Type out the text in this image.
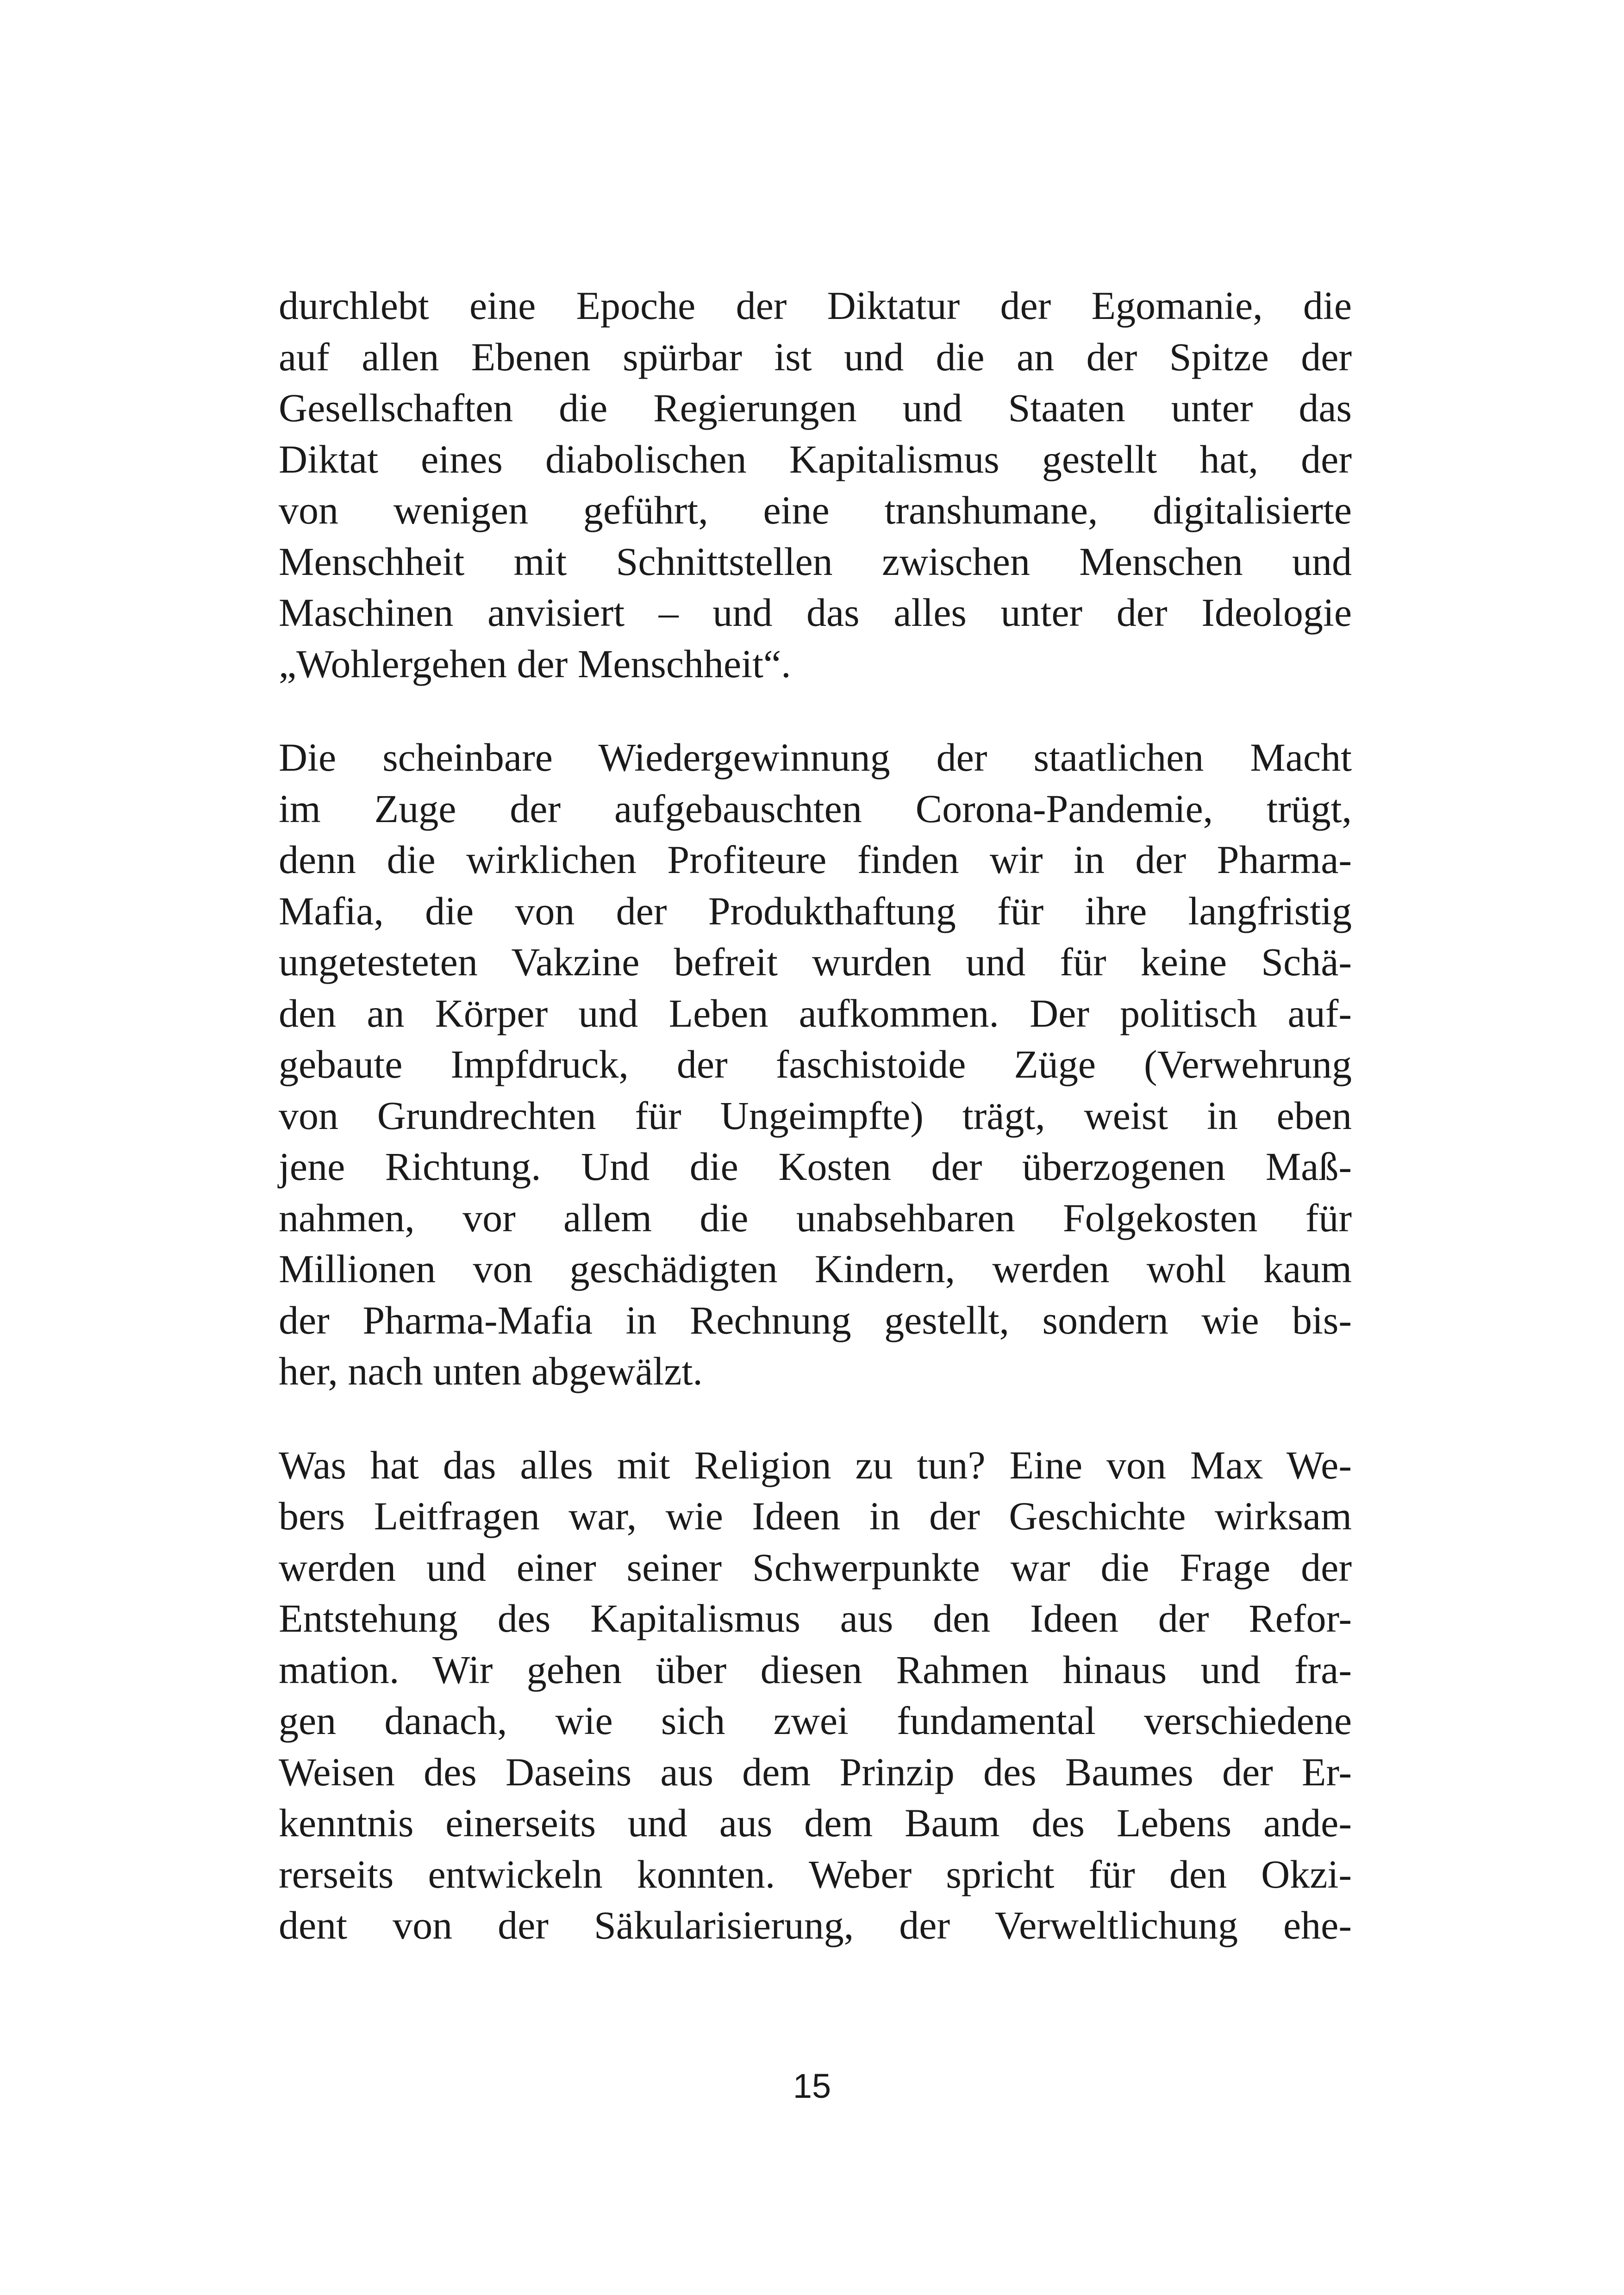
durchlebt eine Epoche der Diktatur der Egomanie, die
auf allen Ebenen spürbar ist und die an der Spitze der
Gesellschaften die Regierungen und Staaten unter das
Diktat eines diabolischen Kapitalismus gestellt hat, der
von wenigen geführt, eine transhumane, digitalisierte
Menschheit mit Schnittstellen zwischen Menschen und
Maschinen anvisiert – und das alles unter der Ideologie
„Wohlergehen der Menschheit“.

Die scheinbare Wiedergewinnung der staatlichen Macht
im Zuge der aufgebauschten Corona-Pandemie, trügt,
denn die wirklichen Profiteure finden wir in der Pharma-
Mafia, die von der Produkthaftung für ihre langfristig
ungetesteten Vakzine befreit wurden und für keine Schä-
den an Körper und Leben aufkommen. Der politisch auf-
gebaute Impfdruck, der faschistoide Züge (Verwehrung
von Grundrechten für Ungeimpfte) trägt, weist in eben
jene Richtung. Und die Kosten der überzogenen Maß-
nahmen, vor allem die unabsehbaren Folgekosten für
Millionen von geschädigten Kindern, werden wohl kaum
der Pharma-Mafia in Rechnung gestellt, sondern wie bis-
her, nach unten abgewälzt.

Was hat das alles mit Religion zu tun? Eine von Max We-
bers Leitfragen war, wie Ideen in der Geschichte wirksam
werden und einer seiner Schwerpunkte war die Frage der
Entstehung des Kapitalismus aus den Ideen der Refor-
mation. Wir gehen über diesen Rahmen hinaus und fra-
gen danach, wie sich zwei fundamental verschiedene
Weisen des Daseins aus dem Prinzip des Baumes der Er-
kenntnis einerseits und aus dem Baum des Lebens ande-
rerseits entwickeln konnten. Weber spricht für den Okzi-
dent von der Säkularisierung, der Verweltlichung ehe-

15
